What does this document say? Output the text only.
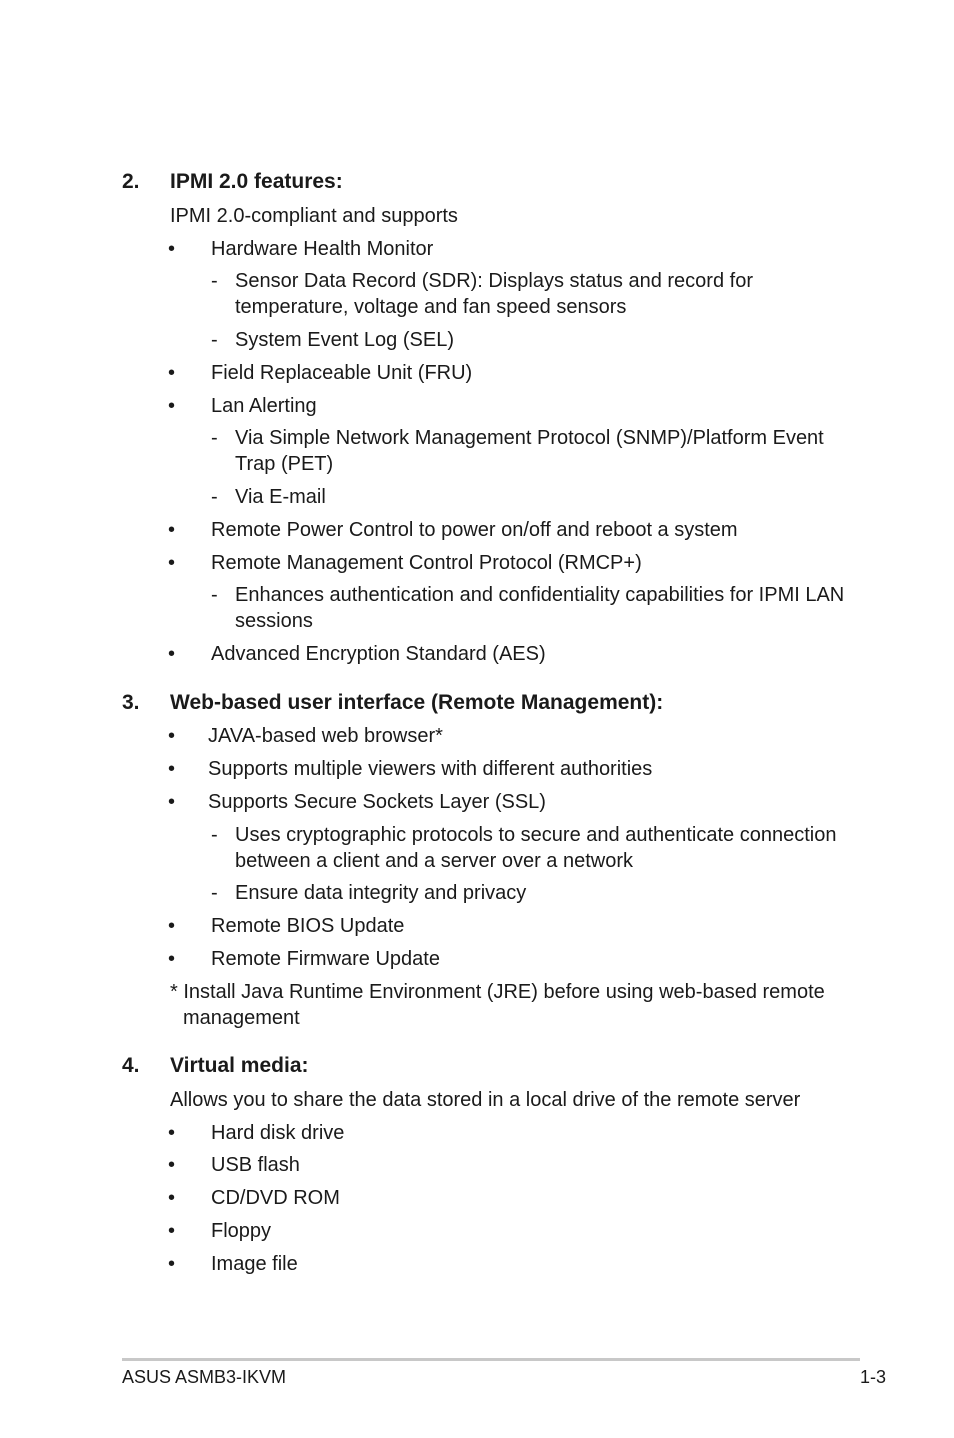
2. IPMI 2.0 features:
IPMI 2.0-compliant and supports
• Hardware Health Monitor
- Sensor Data Record (SDR): Displays status and record for
temperature, voltage and fan speed sensors
- System Event Log (SEL)
• Field Replaceable Unit (FRU)
• Lan Alerting
- Via Simple Network Management Protocol (SNMP)/Platform Event
Trap (PET)
- Via E-mail
• Remote Power Control to power on/off and reboot a system
• Remote Management Control Protocol (RMCP+)
- Enhances authentication and confidentiality capabilities for IPMI LAN
sessions
• Advanced Encryption Standard (AES)
3. Web-based user interface (Remote Management):
• JAVA-based web browser*
• Supports multiple viewers with different authorities
• Supports Secure Sockets Layer (SSL)
- Uses cryptographic protocols to secure and authenticate connection
between a client and a server over a network
- Ensure data integrity and privacy
• Remote BIOS Update
• Remote Firmware Update
* Install Java Runtime Environment (JRE) before using web-based remote
management
4. Virtual media:
Allows you to share the data stored in a local drive of the remote server
• Hard disk drive
• USB flash
• CD/DVD ROM
• Floppy
• Image file
ASUS ASMB3-IKVM	1-3
